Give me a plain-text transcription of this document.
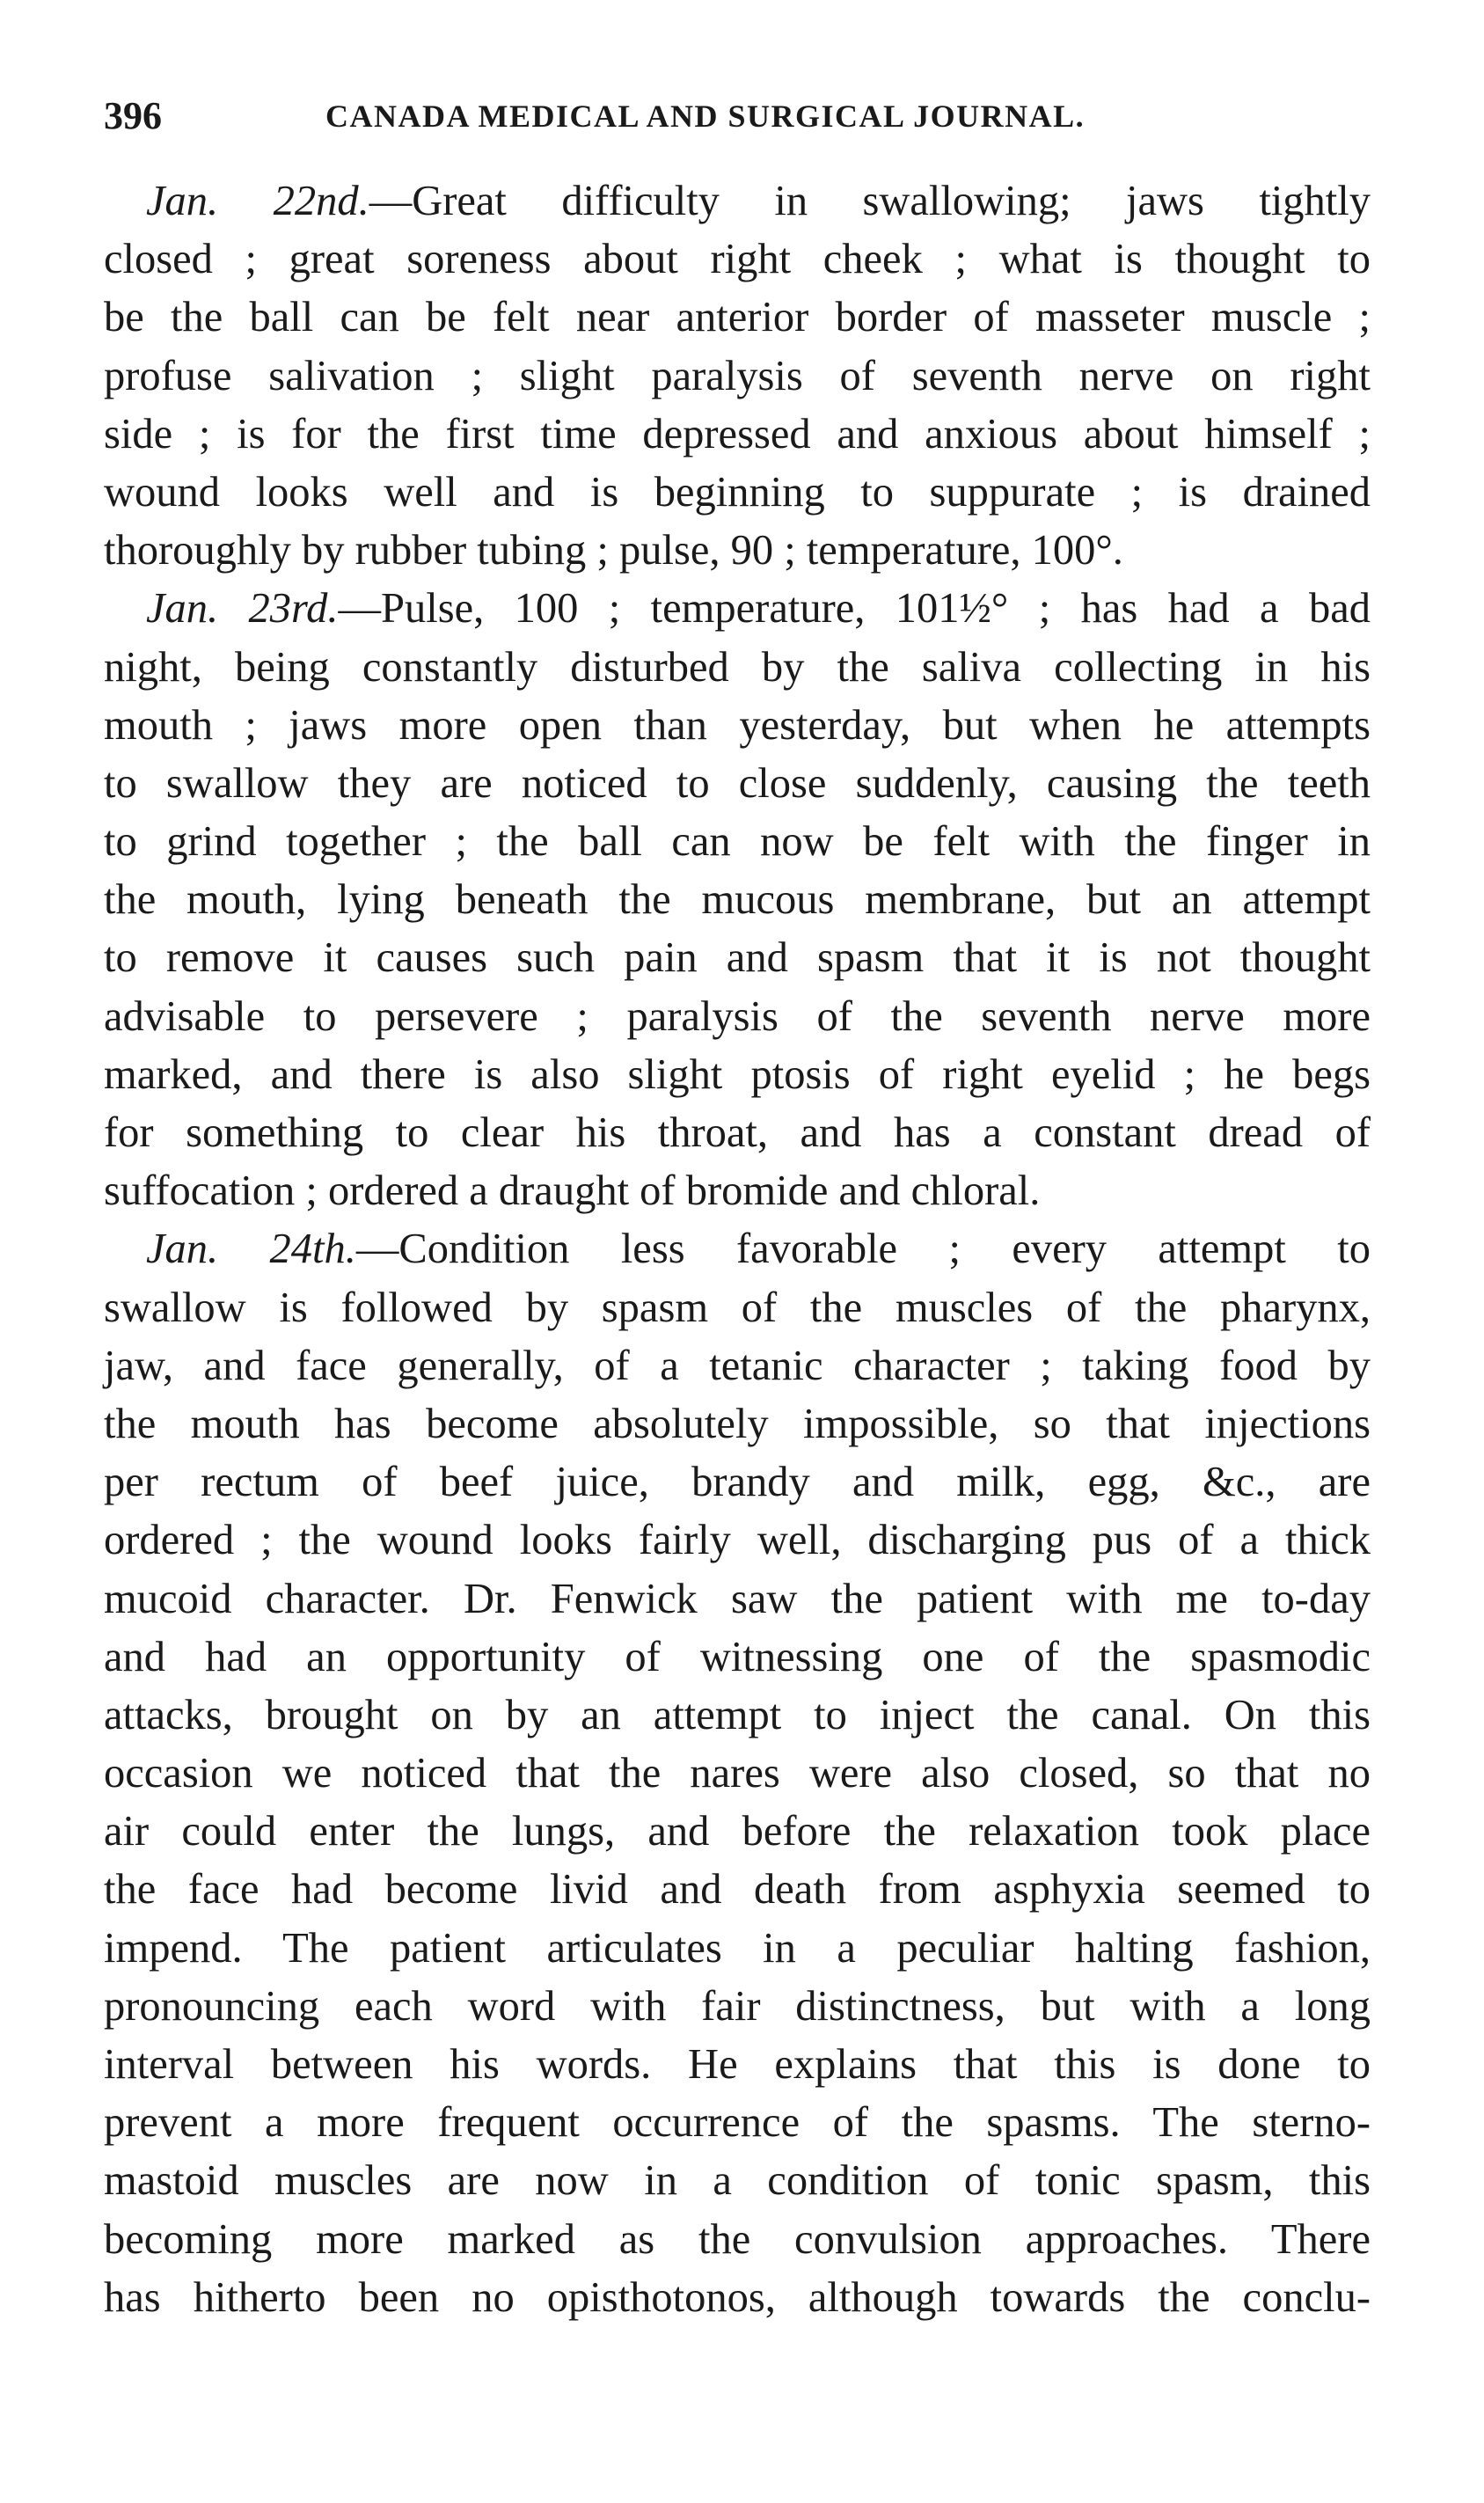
396	CANADA MEDICAL AND SURGICAL JOURNAL.
Jan. 22nd.—Great difficulty in swallowing; jaws tightly
closed ; great soreness about right cheek ; what is thought to
be the ball can be felt near anterior border of masseter muscle ;
profuse salivation ; slight paralysis of seventh nerve on right
side ; is for the first time depressed and anxious about himself ;
wound looks well and is beginning to suppurate ; is drained
thoroughly by rubber tubing ; pulse, 90 ; temperature, 100°.
Jan. 23rd.—Pulse, 100 ; temperature, 101½° ; has had a bad
night, being constantly disturbed by the saliva collecting in his
mouth ; jaws more open than yesterday, but when he attempts
to swallow they are noticed to close suddenly, causing the teeth
to grind together ; the ball can now be felt with the finger in
the mouth, lying beneath the mucous membrane, but an attempt
to remove it causes such pain and spasm that it is not thought
advisable to persevere ; paralysis of the seventh nerve more
marked, and there is also slight ptosis of right eyelid ; he begs
for something to clear his throat, and has a constant dread of
suffocation ; ordered a draught of bromide and chloral.
Jan. 24th.—Condition less favorable ; every attempt to
swallow is followed by spasm of the muscles of the pharynx,
jaw, and face generally, of a tetanic character ; taking food by
the mouth has become absolutely impossible, so that injections
per rectum of beef juice, brandy and milk, egg, &c., are
ordered ; the wound looks fairly well, discharging pus of a thick
mucoid character. Dr. Fenwick saw the patient with me to-day
and had an opportunity of witnessing one of the spasmodic
attacks, brought on by an attempt to inject the canal. On this
occasion we noticed that the nares were also closed, so that no
air could enter the lungs, and before the relaxation took place
the face had become livid and death from asphyxia seemed to
impend. The patient articulates in a peculiar halting fashion,
pronouncing each word with fair distinctness, but with a long
interval between his words. He explains that this is done to
prevent a more frequent occurrence of the spasms. The sterno-
mastoid muscles are now in a condition of tonic spasm, this
becoming more marked as the convulsion approaches. There
has hitherto been no opisthotonos, although towards the conclu-
